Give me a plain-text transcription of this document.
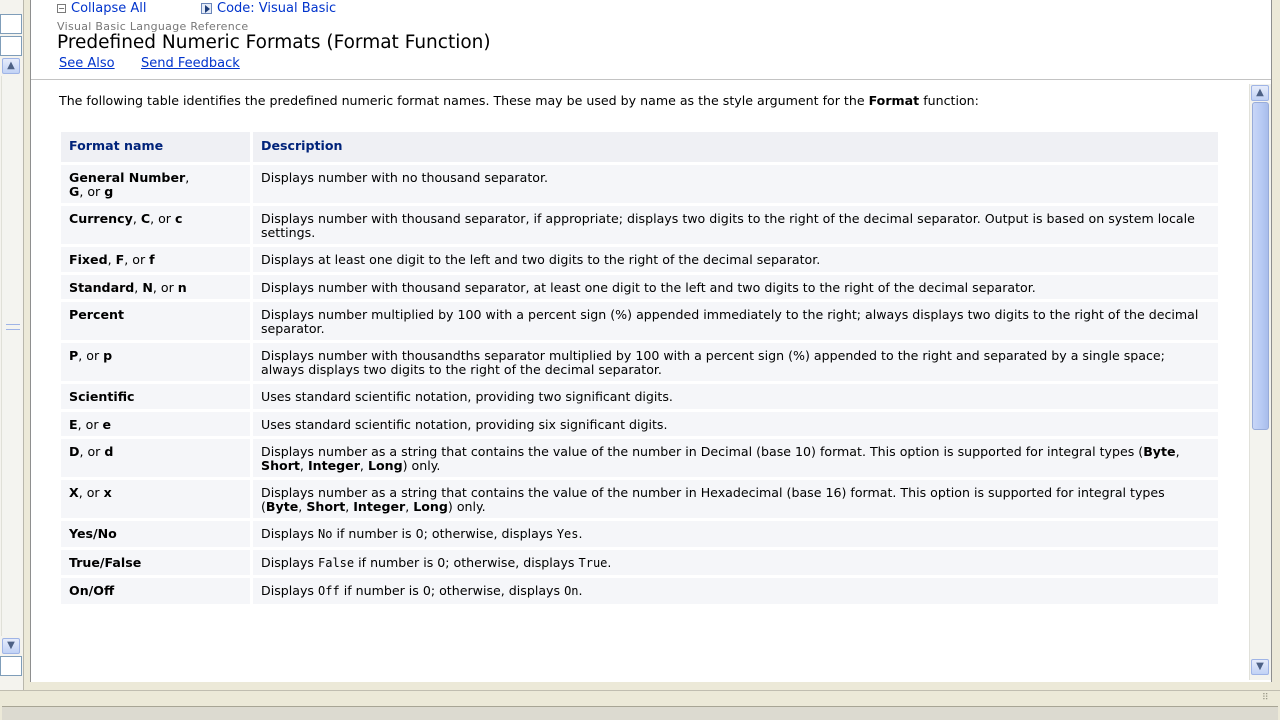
▲
▼
− Collapse All	Code: Visual Basic
Visual Basic Language Reference
Predefined Numeric Formats (Format Function)
See Also Send Feedback
The following table identifies the predefined numeric format names. These may be used by name as the style argument for the Format function:
Format name	Description
General Number,
G, or g	Displays number with no thousand separator.
Currency, C, or c	Displays number with thousand separator, if appropriate; displays two digits to the right of the decimal separator. Output is based on system locale settings.
Fixed, F, or f	Displays at least one digit to the left and two digits to the right of the decimal separator.
Standard, N, or n	Displays number with thousand separator, at least one digit to the left and two digits to the right of the decimal separator.
Percent	Displays number multiplied by 100 with a percent sign (%) appended immediately to the right; always displays two digits to the right of the decimal separator.
P, or p	Displays number with thousandths separator multiplied by 100 with a percent sign (%) appended to the right and separated by a single space; always displays two digits to the right of the decimal separator.
Scientific	Uses standard scientific notation, providing two significant digits.
E, or e	Uses standard scientific notation, providing six significant digits.
D, or d	Displays number as a string that contains the value of the number in Decimal (base 10) format. This option is supported for integral types (Byte, Short, Integer, Long) only.
X, or x	Displays number as a string that contains the value of the number in Hexadecimal (base 16) format. This option is supported for integral types (Byte, Short, Integer, Long) only.
Yes/No	Displays No if number is 0; otherwise, displays Yes.
True/False	Displays False if number is 0; otherwise, displays True.
On/Off	Displays Off if number is 0; otherwise, displays On.
▲
▼
⠿
